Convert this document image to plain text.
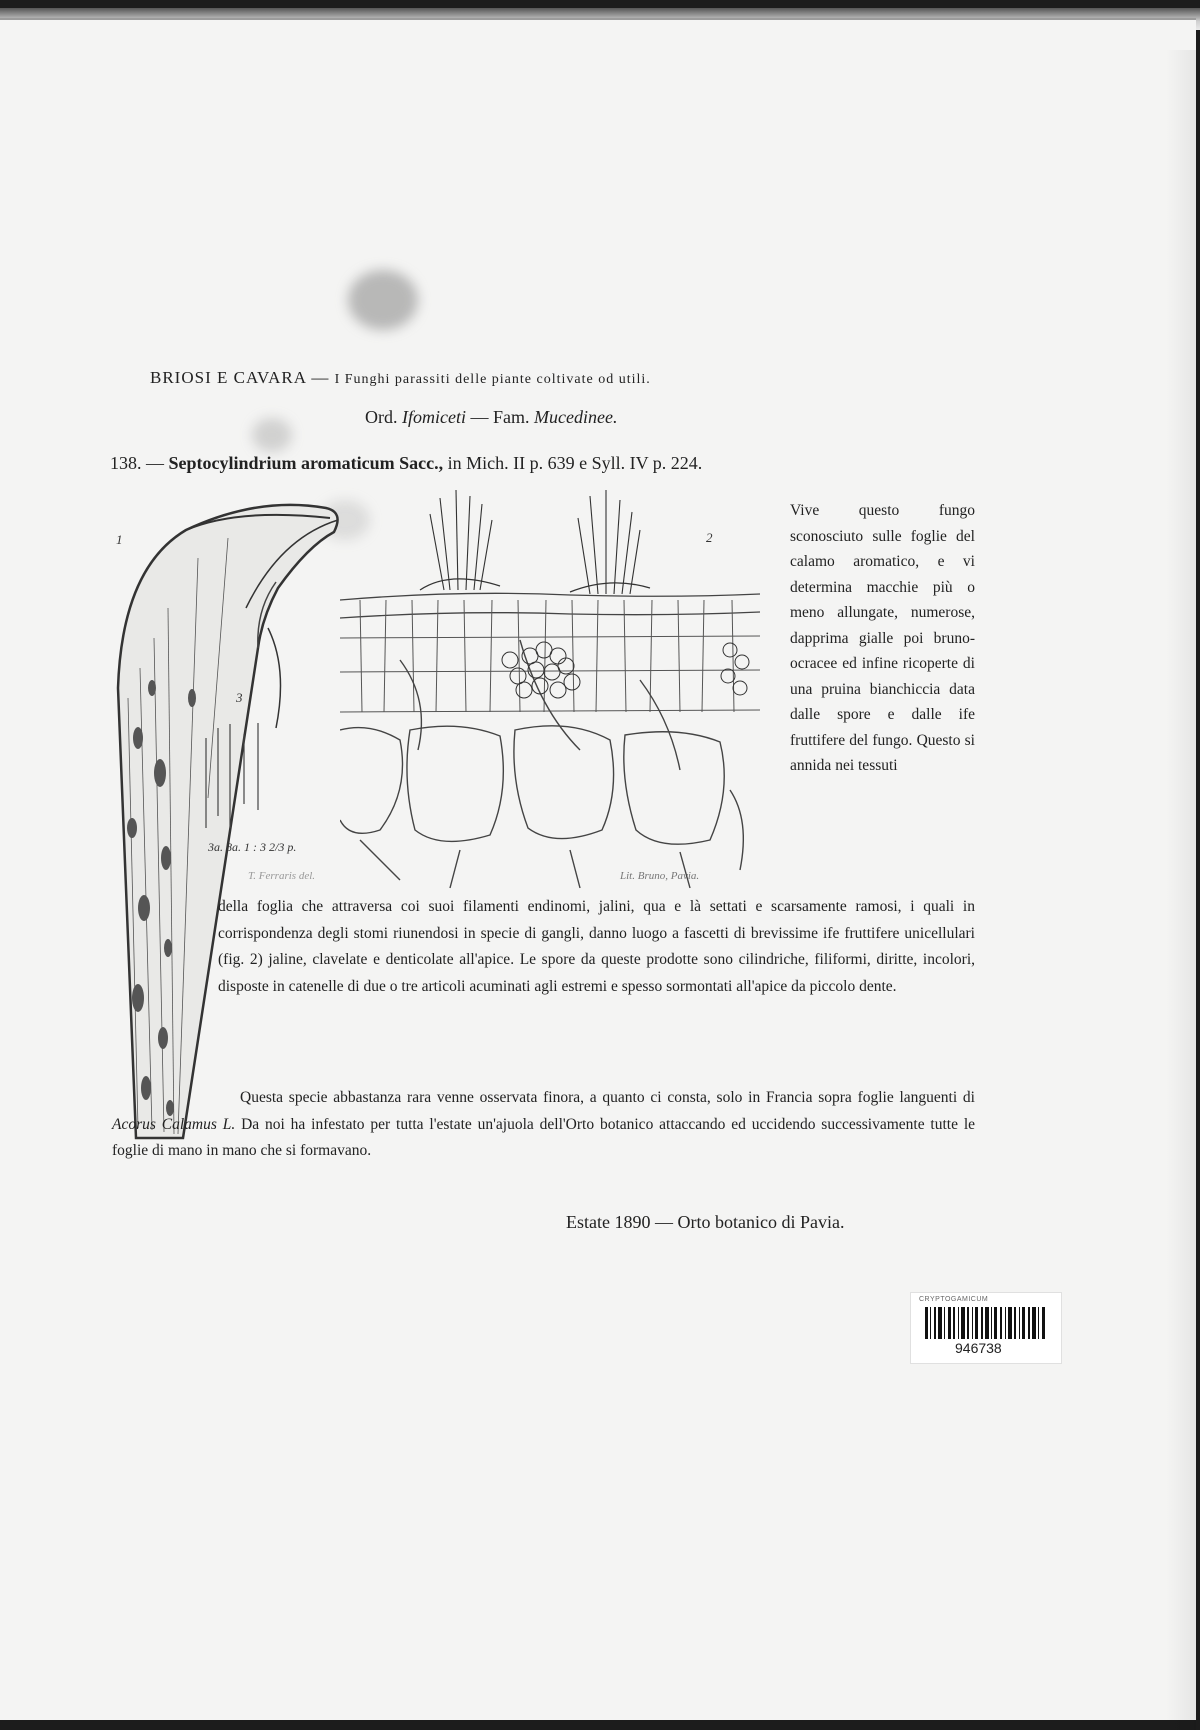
BRIOSI E CAVARA — I Funghi parassiti delle piante coltivate od utili.
Ord. Ifomiceti — Fam. Mucedinee.
138. — Septocylindrium aromaticum Sacc., in Mich. II p. 639 e Syll. IV p. 224.
1
3
2
3a. 8a. 1 : 3 2/3 p.
T. Ferraris del.	Lit. Bruno, Pavia.
Vive questo fungo sconosciuto sulle foglie del calamo aromatico, e vi determina macchie più o meno allungate, numerose, dapprima gialle poi bruno-ocracee ed infine ricoperte di una pruina bianchiccia data dalle spore e dalle ife fruttifere del fungo. Questo si annida nei tessuti
della foglia che attraversa coi suoi filamenti endinomi, jalini, qua e là settati e scarsamente ramosi, i quali in corrispondenza degli stomi riunendosi in specie di gangli, danno luogo a fascetti di brevissime ife fruttifere unicellulari (fig. 2) jaline, clavelate e denticolate all'apice. Le spore da queste prodotte sono cilindriche, filiformi, diritte, incolori, disposte in catenelle di due o tre articoli acuminati agli estremi e spesso sormontati all'apice da piccolo dente.
Questa specie abbastanza rara venne osservata finora, a quanto ci consta, solo in Francia sopra foglie languenti di Acorus Calamus L. Da noi ha infestato per tutta l'estate un'ajuola dell'Orto botanico attaccando ed uccidendo successivamente tutte le foglie di mano in mano che si formavano.
Estate 1890 — Orto botanico di Pavia.
CRYPTOGAMICUM
946738
